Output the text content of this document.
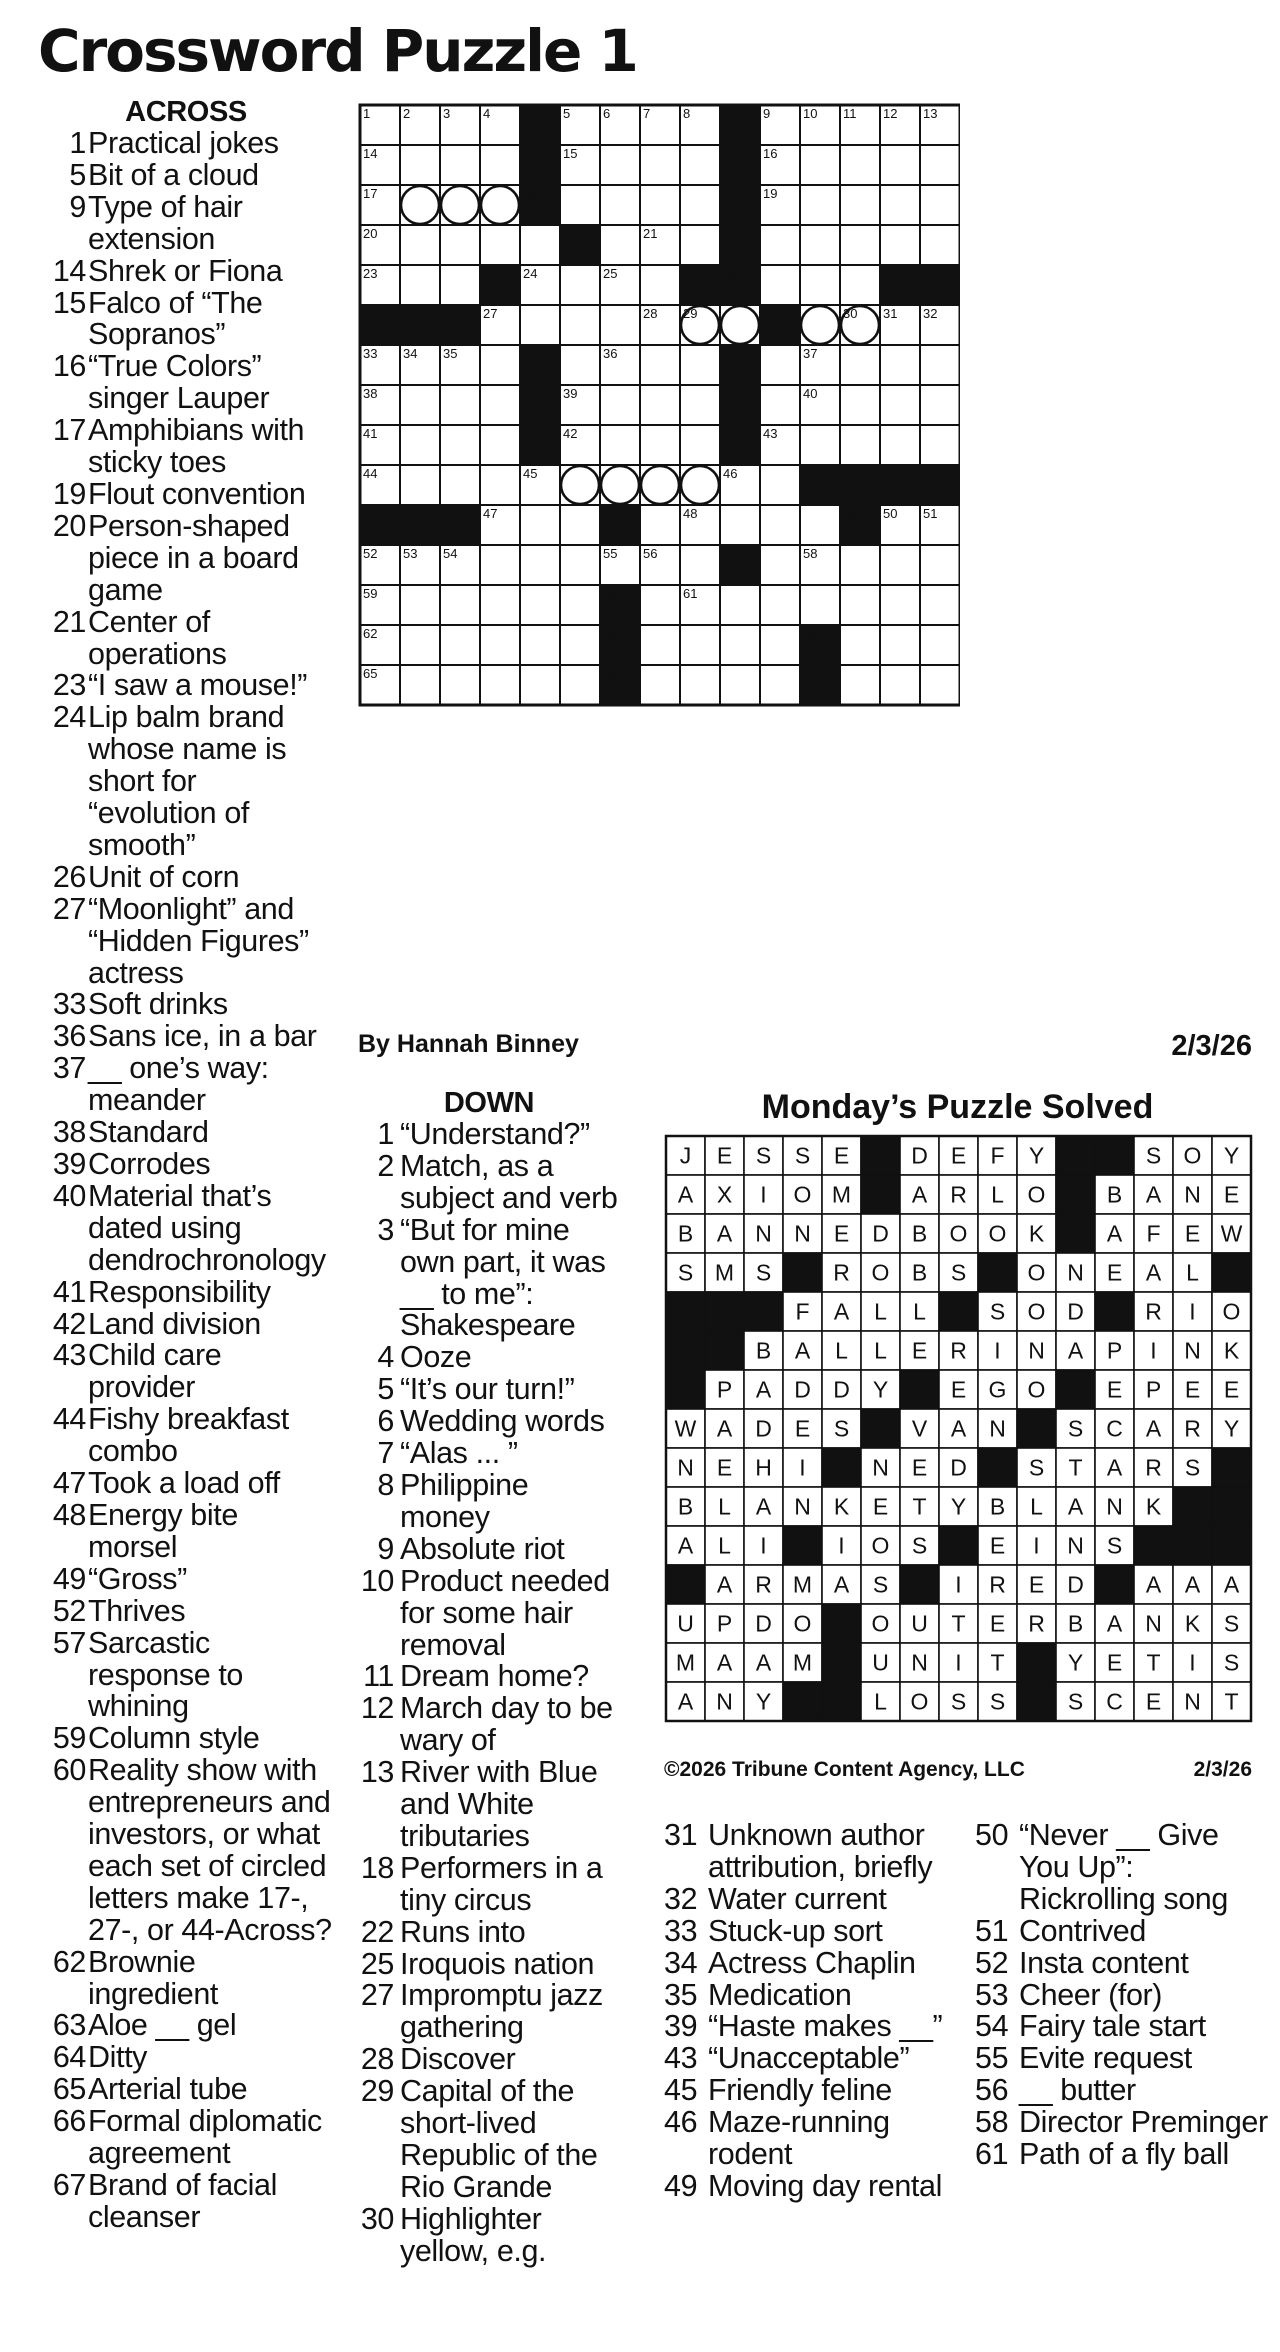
Crossword Puzzle 1
ACROSS
1 Practical jokes
5 Bit of a cloud
9 Type of hair extension
14 Shrek or Fiona
15 Falco of “The Sopranos”
16 “True Colors” singer Lauper
17 Amphibians with sticky toes
19 Flout convention
20 Person-shaped piece in a board game
21 Center of operations
23 “I saw a mouse!”
24 Lip balm brand whose name is short for “evolution of smooth”
26 Unit of corn
27 “Moonlight” and “Hidden Figures” actress
33 Soft drinks
36 Sans ice, in a bar
37 __ one’s way: meander
38 Standard
39 Corrodes
40 Material that’s dated using dendrochronology
41 Responsibility
42 Land division
43 Child care provider
44 Fishy breakfast combo
47 Took a load off
48 Energy bite morsel
49 “Gross”
52 Thrives
57 Sarcastic response to whining
59 Column style
60 Reality show with entrepreneurs and investors, or what each set of circled letters make 17-, 27-, or 44-Across?
62 Brownie ingredient
63 Aloe __ gel
64 Ditty
65 Arterial tube
66 Formal diplomatic agreement
67 Brand of facial cleanser
1	2	3	4	5	6	7	8	9	10 11 12 13
14	15	16
17	18	19
20	21	22
23	24	25	26
27	28 29	30 31 32
33 34 35	36	37
38	39	40
41	42	43
44	45	46
47	48	49 50 51
52 53 54	55 56	57	58
59	60	61
62	63	64
65	66	67
By Hannah Binney	2/3/26
DOWN
1 “Understand?”
2 Match, as a subject and verb
3 “But for mine own part, it was __ to me”: Shakespeare
4 Ooze
5 “It’s our turn!”
6 Wedding words
7 “Alas ... ”
8 Philippine money
9 Absolute riot
10 Product needed for some hair removal
11 Dream home?
12 March day to be wary of
13 River with Blue and White tributaries
18 Performers in a tiny circus
22 Runs into
25 Iroquois nation
27 Impromptu jazz gathering
28 Discover
29 Capital of the short-lived Republic of the Rio Grande
30 Highlighter yellow, e.g.
Monday’s Puzzle Solved
J E S S E	D E F Y	S O Y
A X I O M	A R L O	B A N E
B A N N E D B O O K	A F E W
S M S	R O B S	O N E A L
F A L L	S O D	R I O
B A L L E R I N A P I N K
P A D D Y	E G O	E P E E
W A D E S	V A N	S C A R Y
N E H I	N E D	S T A R S
B L A N K E T Y B L A N K
A L I	I O S	E I N S
A R M A S	I R E D	A A A
U P D O	O U T E R B A N K S
M A A M	U N I T	Y E T I S
A N Y	L O S S	S C E N T
©2026 Tribune Content Agency, LLC	2/3/26
31 Unknown author attribution, briefly
32 Water current
33 Stuck-up sort
34 Actress Chaplin
35 Medication
39 “Haste makes __”
43 “Unacceptable”
45 Friendly feline
46 Maze-running rodent
49 Moving day rental
50 “Never __ Give You Up”: Rickrolling song
51 Contrived
52 Insta content
53 Cheer (for)
54 Fairy tale start
55 Evite request
56 __ butter
58 Director Preminger
61 Path of a fly ball
